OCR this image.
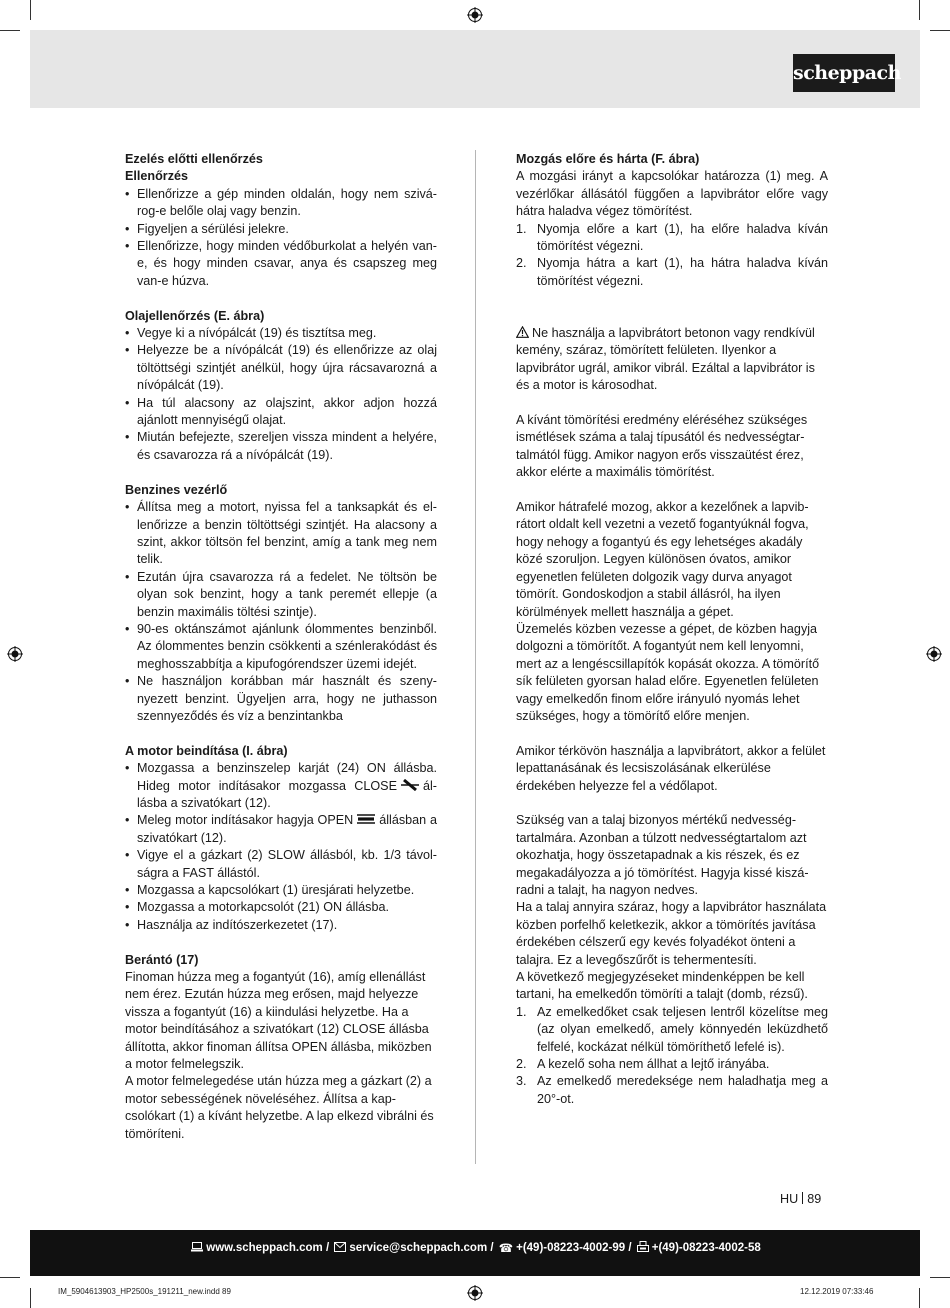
scheppach
Ezelés előtti ellenőrzés
Ellenőrzés
• Ellenőrizze a gép minden oldalán, hogy nem szivárog-e belőle olaj vagy benzin.
• Figyeljen a sérülési jelekre.
• Ellenőrizze, hogy minden védőburkolat a helyén van-e, és hogy minden csavar, anya és csapszeg meg van-e húzva.
Olajellenőrzés (E. ábra)
• Vegye ki a nívópálcát (19) és tisztítsa meg.
• Helyezze be a nívópálcát (19) és ellenőrizze az olaj töltöttségi szintjét anélkül, hogy újra rácsavarozná a nívópálcát (19).
• Ha túl alacsony az olajszint, akkor adjon hozzá ajánlott mennyiségű olajat.
• Miután befejezte, szereljen vissza mindent a helyére, és csavarozza rá a nívópálcát (19).
Benzines vezérlő
• Állítsa meg a motort, nyissa fel a tanksapkát és ellenőrizze a benzin töltöttségi szintjét. Ha alacsony a szint, akkor töltsön fel benzint, amíg a tank meg nem telik.
• Ezután újra csavarozza rá a fedelet. Ne töltsön be olyan sok benzint, hogy a tank peremét ellepje (a benzin maximális töltési szintje).
• 90-es oktánszámot ajánlunk ólommentes benzinből. Az ólommentes benzin csökkenti a szénlerakódást és meghosszabbítja a kipufogórendszer üzemi idejét.
• Ne használjon korábban már használt és szenynyezett benzint. Ügyeljen arra, hogy ne juthasson szennyeződés és víz a benzintankba
A motor beindítása (I. ábra)
• Mozgassa a benzinszelep karját (24) ON állásba. Hideg motor indításakor mozgassa CLOSE állásba a szivatókart (12).
• Meleg motor indításakor hagyja OPEN állásban a szivatókart (12).
• Vigye el a gázkart (2) SLOW állásból, kb. 1/3 távolságra a FAST állástól.
• Mozgassa a kapcsolókart (1) üresjárati helyzetbe.
• Mozgassa a motorkapcsolót (21) ON állásba.
• Használja az indítószerkezetet (17).
Berántó (17)

Finoman húzza meg a fogantyút (16), amíg ellenállást nem érez. Ezután húzza meg erősen, majd helyezze vissza a fogantyút (16) a kiindulási helyzetbe. Ha a motor beindításához a szivatókart (12) CLOSE állásba állította, akkor finoman állítsa OPEN állásba, miközben a motor felmelegszik.

A motor felmelegedése után húzza meg a gázkart (2) a motor sebességének növeléséhez. Állítsa a kapcsolókart (1) a kívánt helyzetbe. A lap elkezd vibrálni és tömöríteni.

Mozgás előre és hárta (F. ábra)

A mozgási irányt a kapcsolókar határozza (1) meg. A vezérlőkar állásától függően a lapvibrátor előre vagy hátra haladva végez tömörítést.

1. Nyomja előre a kart (1), ha előre haladva kíván tömörítést végezni.
2. Nyomja hátra a kart (1), ha hátra haladva kíván tömörítést végezni.

Ne használja a lapvibrátort betonon vagy rendkívül kemény, száraz, tömörített felületen. Ilyenkor a lapvibrátor ugrál, amikor vibrál. Ezáltal a lapvibrátor is és a motor is károsodhat.

A kívánt tömörítési eredmény eléréséhez szükséges ismétlések száma a talaj típusától és nedvességtartalmától függ. Amikor nagyon erős visszaütést érez, akkor elérte a maximális tömörítést.

Amikor hátrafelé mozog, akkor a kezelőnek a lapvibrátort oldalt kell vezetni a vezető fogantyúknál fogva, hogy nehogy a fogantyú és egy lehetséges akadály közé szoruljon. Legyen különösen óvatos, amikor egyenetlen felületen dolgozik vagy durva anyagot tömörít. Gondoskodjon a stabil állásról, ha ilyen körülmények mellett használja a gépet.

Üzemelés közben vezesse a gépet, de közben hagyja dolgozni a tömörítőt. A fogantyút nem kell lenyomni, mert az a lengéscsillapítók kopását okozza. A tömörítő sík felületen gyorsan halad előre. Egyenetlen felületen vagy emelkedőn finom előre irányuló nyomás lehet szükséges, hogy a tömörítő előre menjen.

Amikor térkövön használja a lapvibrátort, akkor a felület lepattanásának és lecsiszolásának elkerülése érdekében helyezze fel a védőlapot.

Szükség van a talaj bizonyos mértékű nedvességtartalmára. Azonban a túlzott nedvességtartalom azt okozhatja, hogy összetapadnak a kis részek, és ez megakadályozza a jó tömörítést. Hagyja kissé kiszáradni a talajt, ha nagyon nedves.

Ha a talaj annyira száraz, hogy a lapvibrátor használata közben porfelhő keletkezik, akkor a tömörítés javítása érdekében célszerű egy kevés folyadékot önteni a talajra. Ez a levegőszűrőt is tehermentesíti.

A következő megjegyzéseket mindenképpen be kell tartani, ha emelkedőn tömöríti a talajt (domb, rézsű).

1. Az emelkedőket csak teljesen lentről közelítse meg (az olyan emelkedő, amely könnyedén leküzdhető felfelé, kockázat nélkül tömöríthető lefelé is).
2. A kezelő soha nem állhat a lejtő irányába.
3. Az emelkedő meredeksége nem haladhatja meg a 20°-ot.
HU 89
www.scheppach.com / service@scheppach.com / ☎ +(49)-08223-4002-99 / +(49)-08223-4002-58
IM_5904613903_HP2500s_191211_new.indd 89	12.12.2019 07:33:46
